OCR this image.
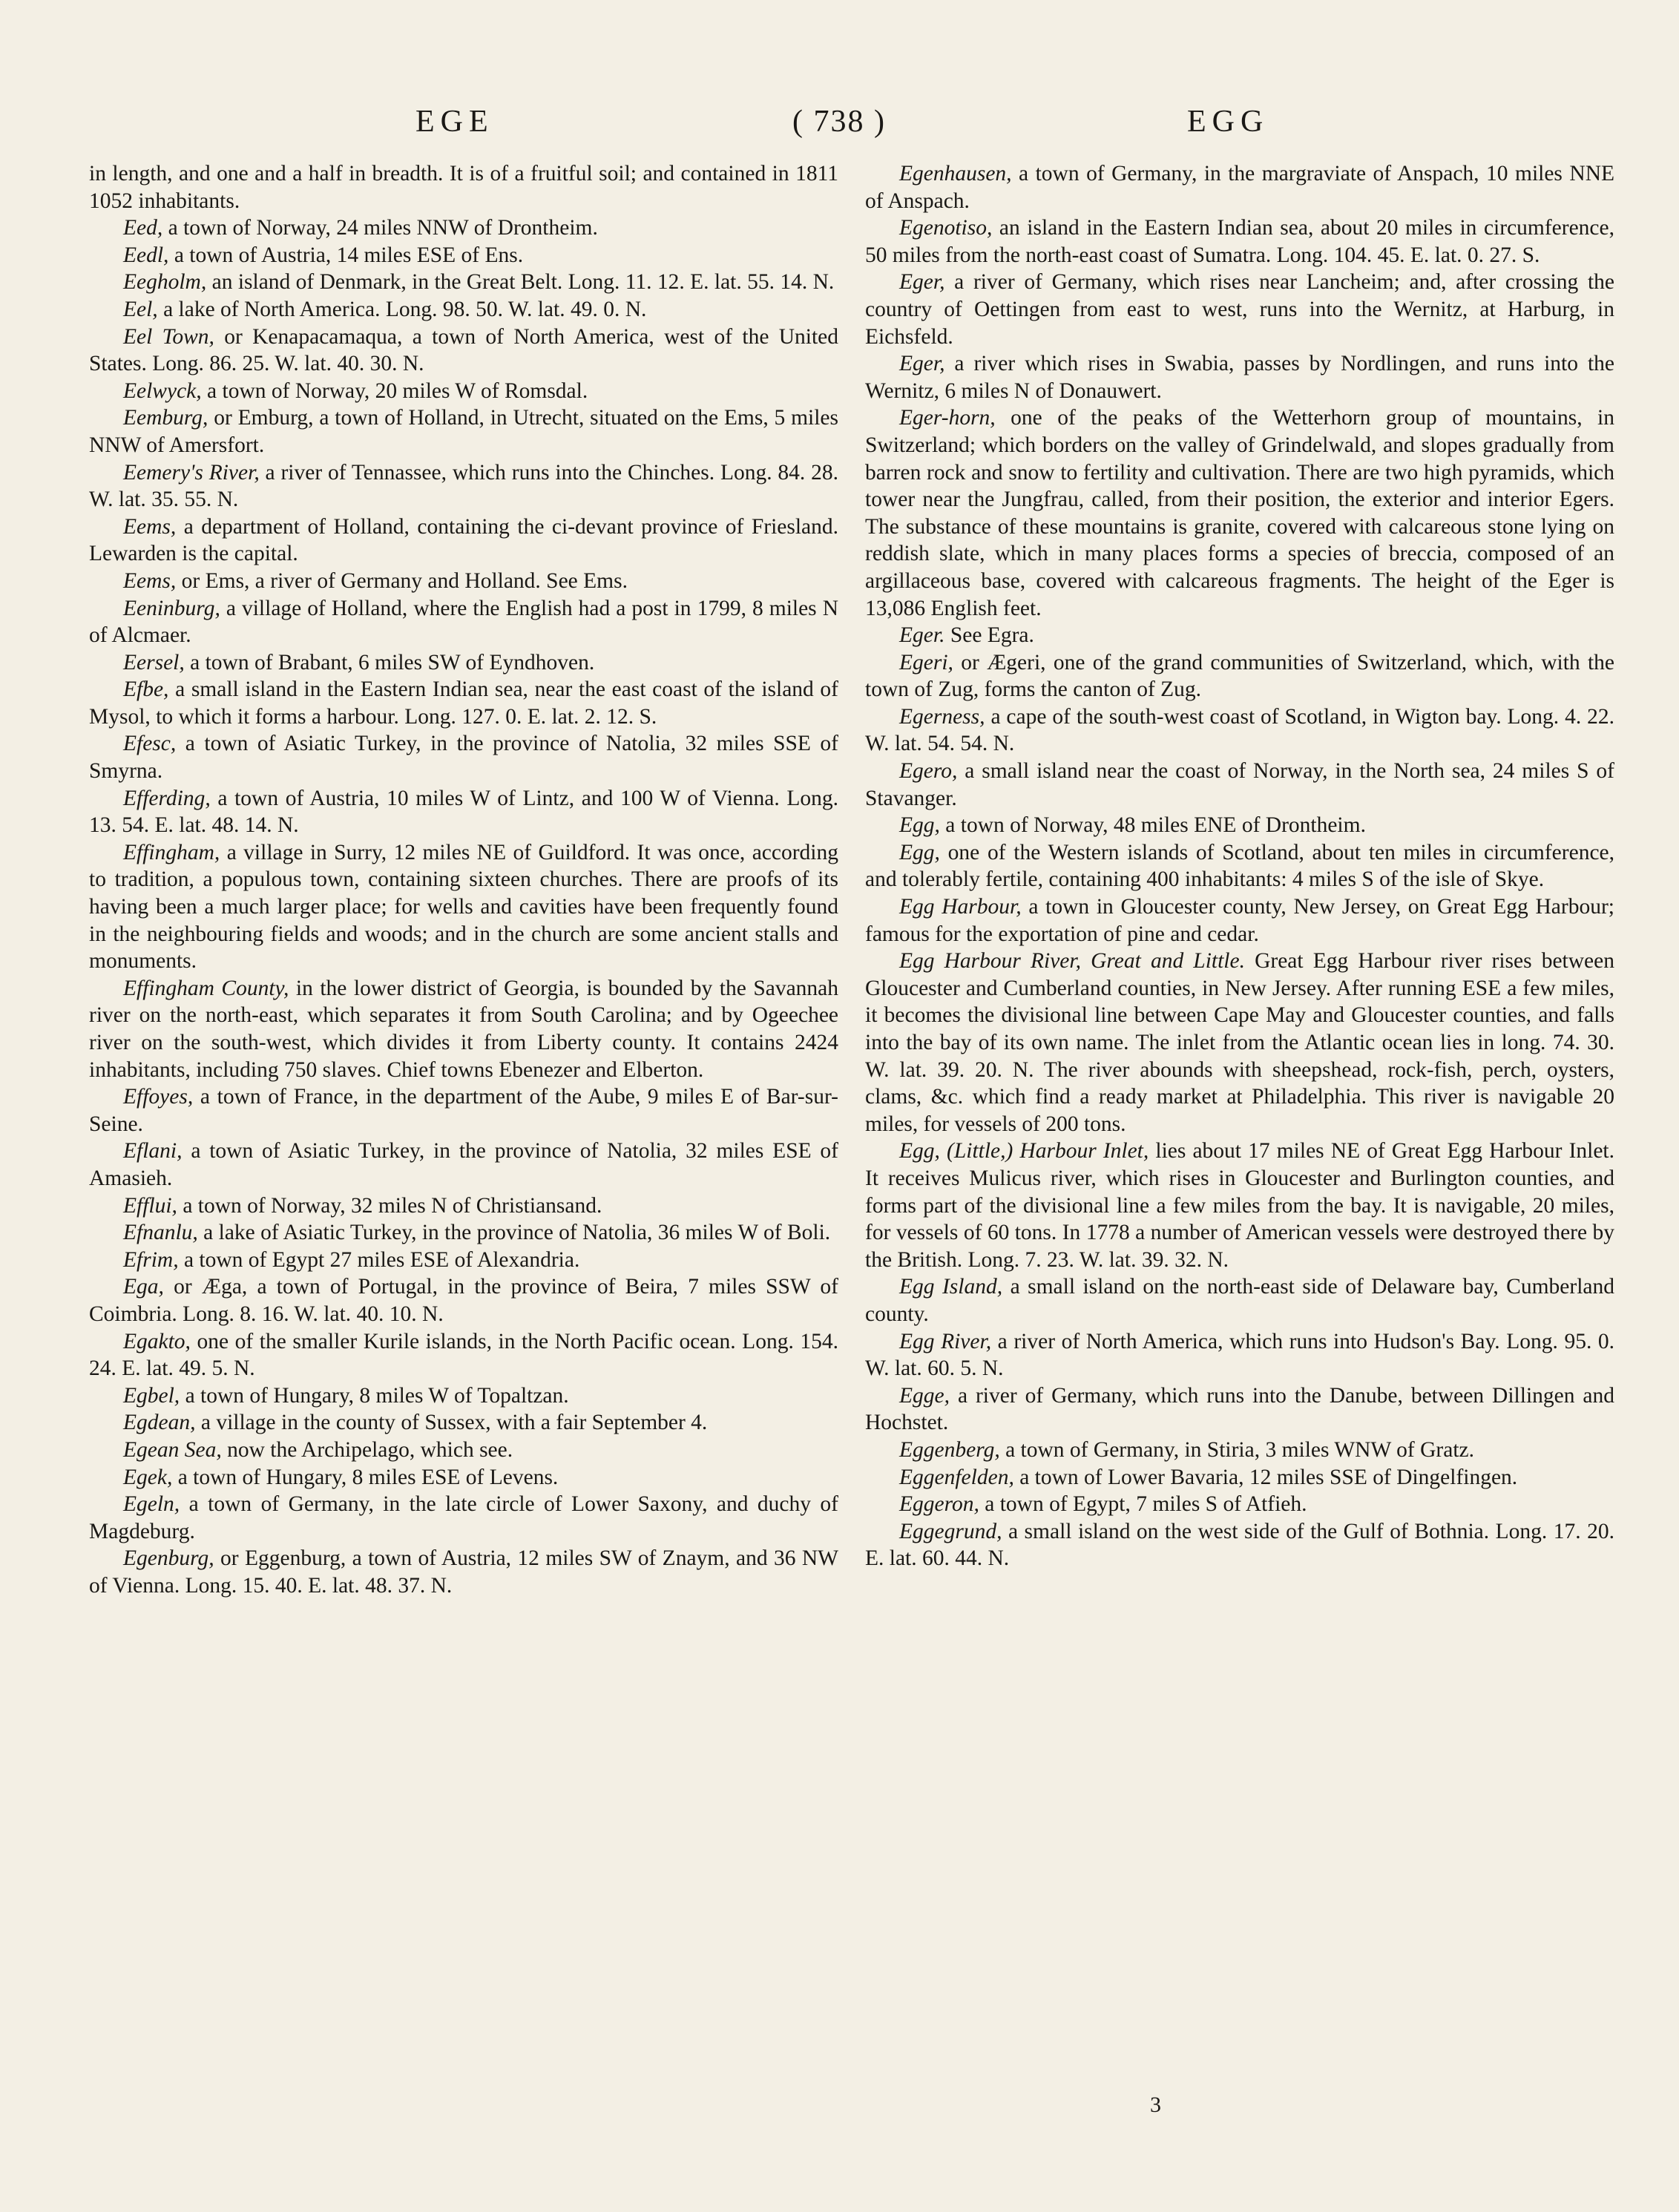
EGE	( 738 )	EGG

in length, and one and a half in breadth. It is of a fruitful soil; and contained in 1811 1052 inhabitants.

Eed, a town of Norway, 24 miles NNW of Drontheim.

Eedl, a town of Austria, 14 miles ESE of Ens.

Eegholm, an island of Denmark, in the Great Belt. Long. 11. 12. E. lat. 55. 14. N.

Eel, a lake of North America. Long. 98. 50. W. lat. 49. 0. N.

Eel Town, or Kenapacamaqua, a town of North America, west of the United States. Long. 86. 25. W. lat. 40. 30. N.

Eelwyck, a town of Norway, 20 miles W of Romsdal.

Eemburg, or Emburg, a town of Holland, in Utrecht, situated on the Ems, 5 miles NNW of Amersfort.

Eemery's River, a river of Tennassee, which runs into the Chinches. Long. 84. 28. W. lat. 35. 55. N.

Eems, a department of Holland, containing the ci-devant province of Friesland. Lewarden is the capital.

Eems, or Ems, a river of Germany and Holland. See Ems.

Eeninburg, a village of Holland, where the English had a post in 1799, 8 miles N of Alcmaer.

Eersel, a town of Brabant, 6 miles SW of Eyndhoven.

Efbe, a small island in the Eastern Indian sea, near the east coast of the island of Mysol, to which it forms a harbour. Long. 127. 0. E. lat. 2. 12. S.

Efesc, a town of Asiatic Turkey, in the province of Natolia, 32 miles SSE of Smyrna.

Efferding, a town of Austria, 10 miles W of Lintz, and 100 W of Vienna. Long. 13. 54. E. lat. 48. 14. N.

Effingham, a village in Surry, 12 miles NE of Guildford. It was once, according to tradition, a populous town, containing sixteen churches. There are proofs of its having been a much larger place; for wells and cavities have been frequently found in the neighbouring fields and woods; and in the church are some ancient stalls and monuments.

Effingham County, in the lower district of Georgia, is bounded by the Savannah river on the north-east, which separates it from South Carolina; and by Ogeechee river on the south-west, which divides it from Liberty county. It contains 2424 inhabitants, including 750 slaves. Chief towns Ebenezer and Elberton.

Effoyes, a town of France, in the department of the Aube, 9 miles E of Bar-sur-Seine.

Eflani, a town of Asiatic Turkey, in the province of Natolia, 32 miles ESE of Amasieh.

Efflui, a town of Norway, 32 miles N of Christiansand.

Efnanlu, a lake of Asiatic Turkey, in the province of Natolia, 36 miles W of Boli.

Efrim, a town of Egypt 27 miles ESE of Alexandria.

Ega, or Æga, a town of Portugal, in the province of Beira, 7 miles SSW of Coimbria. Long. 8. 16. W. lat. 40. 10. N.

Egakto, one of the smaller Kurile islands, in the North Pacific ocean. Long. 154. 24. E. lat. 49. 5. N.

Egbel, a town of Hungary, 8 miles W of Topaltzan.

Egdean, a village in the county of Sussex, with a fair September 4.

Egean Sea, now the Archipelago, which see.

Egek, a town of Hungary, 8 miles ESE of Levens.

Egeln, a town of Germany, in the late circle of Lower Saxony, and duchy of Magdeburg.

Egenburg, or Eggenburg, a town of Austria, 12 miles SW of Znaym, and 36 NW of Vienna. Long. 15. 40. E. lat. 48. 37. N.

Egenhausen, a town of Germany, in the margraviate of Anspach, 10 miles NNE of Anspach.

Egenotiso, an island in the Eastern Indian sea, about 20 miles in circumference, 50 miles from the north-east coast of Sumatra. Long. 104. 45. E. lat. 0. 27. S.

Eger, a river of Germany, which rises near Lancheim; and, after crossing the country of Oettingen from east to west, runs into the Wernitz, at Harburg, in Eichsfeld.

Eger, a river which rises in Swabia, passes by Nordlingen, and runs into the Wernitz, 6 miles N of Donauwert.

Eger-horn, one of the peaks of the Wetterhorn group of mountains, in Switzerland; which borders on the valley of Grindelwald, and slopes gradually from barren rock and snow to fertility and cultivation. There are two high pyramids, which tower near the Jungfrau, called, from their position, the exterior and interior Egers. The substance of these mountains is granite, covered with calcareous stone lying on reddish slate, which in many places forms a species of breccia, composed of an argillaceous base, covered with calcareous fragments. The height of the Eger is 13,086 English feet.

Eger. See Egra.

Egeri, or Ægeri, one of the grand communities of Switzerland, which, with the town of Zug, forms the canton of Zug.

Egerness, a cape of the south-west coast of Scotland, in Wigton bay. Long. 4. 22. W. lat. 54. 54. N.

Egero, a small island near the coast of Norway, in the North sea, 24 miles S of Stavanger.

Egg, a town of Norway, 48 miles ENE of Drontheim.

Egg, one of the Western islands of Scotland, about ten miles in circumference, and tolerably fertile, containing 400 inhabitants: 4 miles S of the isle of Skye.

Egg Harbour, a town in Gloucester county, New Jersey, on Great Egg Harbour; famous for the exportation of pine and cedar.

Egg Harbour River, Great and Little. Great Egg Harbour river rises between Gloucester and Cumberland counties, in New Jersey. After running ESE a few miles, it becomes the divisional line between Cape May and Gloucester counties, and falls into the bay of its own name. The inlet from the Atlantic ocean lies in long. 74. 30. W. lat. 39. 20. N. The river abounds with sheepshead, rock-fish, perch, oysters, clams, &c. which find a ready market at Philadelphia. This river is navigable 20 miles, for vessels of 200 tons.

Egg, (Little,) Harbour Inlet, lies about 17 miles NE of Great Egg Harbour Inlet. It receives Mulicus river, which rises in Gloucester and Burlington counties, and forms part of the divisional line a few miles from the bay. It is navigable, 20 miles, for vessels of 60 tons. In 1778 a number of American vessels were destroyed there by the British. Long. 7. 23. W. lat. 39. 32. N.

Egg Island, a small island on the north-east side of Delaware bay, Cumberland county.

Egg River, a river of North America, which runs into Hudson's Bay. Long. 95. 0. W. lat. 60. 5. N.

Egge, a river of Germany, which runs into the Danube, between Dillingen and Hochstet.

Eggenberg, a town of Germany, in Stiria, 3 miles WNW of Gratz.

Eggenfelden, a town of Lower Bavaria, 12 miles SSE of Dingelfingen.

Eggeron, a town of Egypt, 7 miles S of Atfieh.

Eggegrund, a small island on the west side of the Gulf of Bothnia. Long. 17. 20. E. lat. 60. 44. N.

3
